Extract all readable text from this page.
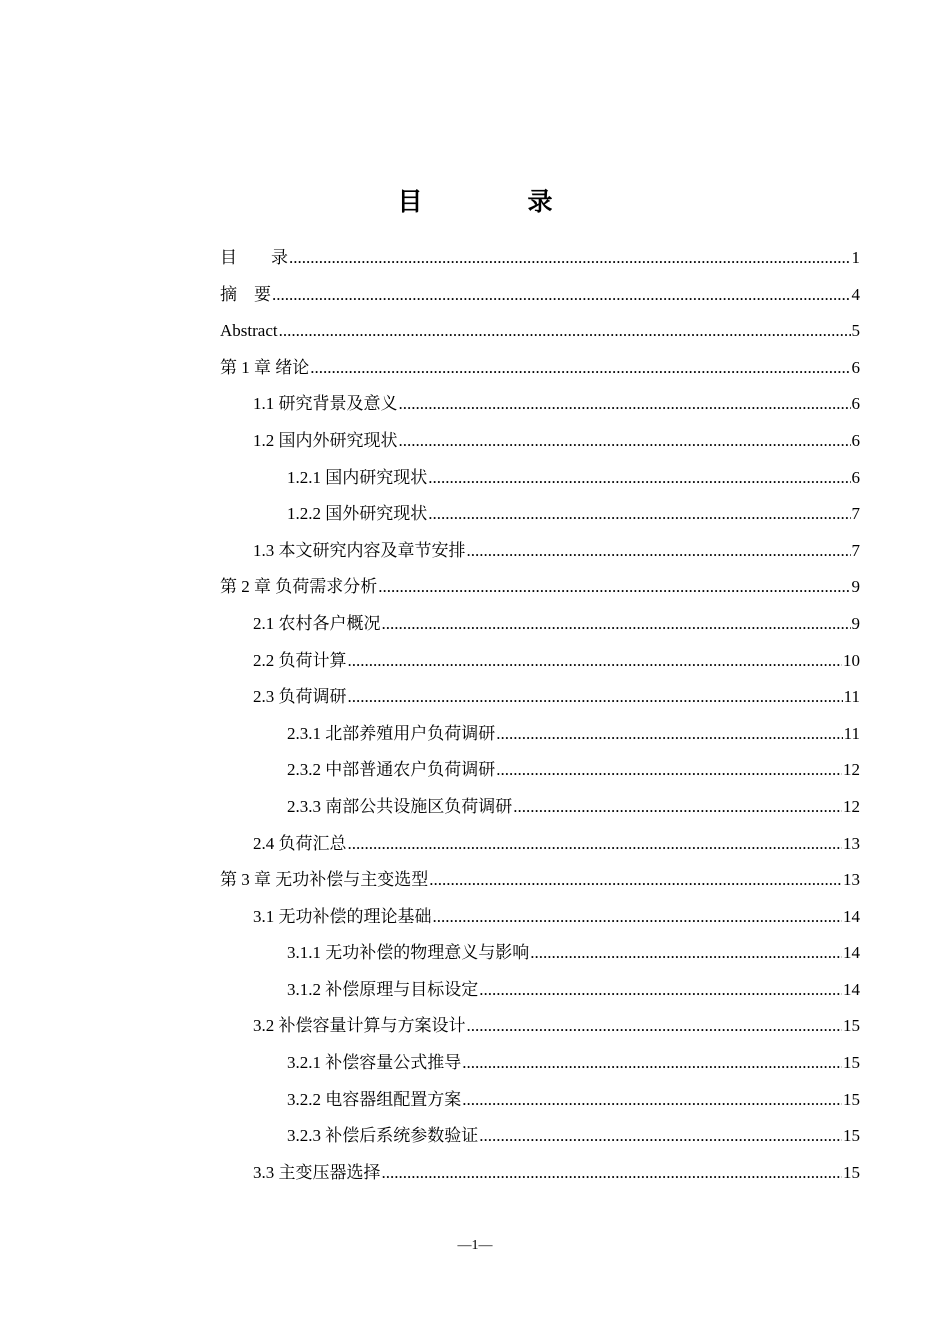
目　录
目　　录 .....	1
摘　要 .....	4
Abstract .....	5
第 1 章 绪论 .....	6
1.1 研究背景及意义 .....	6
1.2 国内外研究现状 .....	6
1.2.1 国内研究现状 .....	6
1.2.2 国外研究现状 .....	7
1.3 本文研究内容及章节安排 .....	7
第 2 章 负荷需求分析 .....	9
2.1 农村各户概况 .....	9
2.2 负荷计算 .....	10
2.3 负荷调研 .....	11
2.3.1 北部养殖用户负荷调研 .....	11
2.3.2 中部普通农户负荷调研 .....	12
2.3.3 南部公共设施区负荷调研 .....	12
2.4 负荷汇总 .....	13
第 3 章 无功补偿与主变选型 .....	13
3.1 无功补偿的理论基础 .....	14
3.1.1 无功补偿的物理意义与影响 .....	14
3.1.2 补偿原理与目标设定 .....	14
3.2 补偿容量计算与方案设计 .....	15
3.2.1 补偿容量公式推导 .....	15
3.2.2 电容器组配置方案 .....	15
3.2.3 补偿后系统参数验证 .....	15
3.3 主变压器选择 .....	15
—1—
